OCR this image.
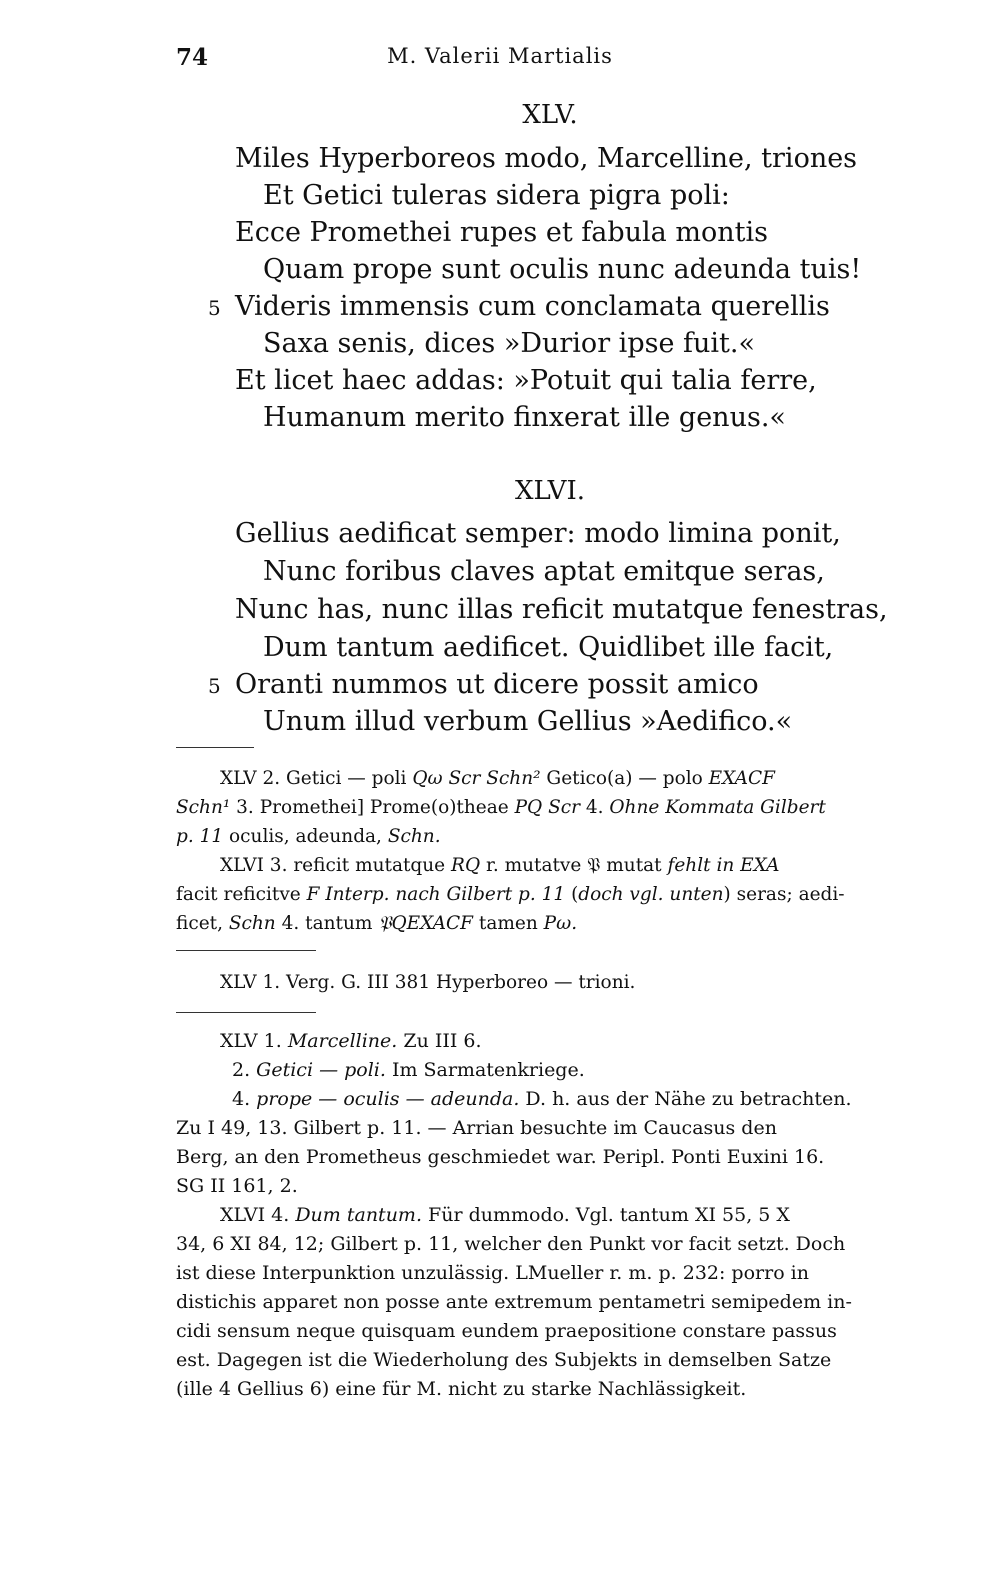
74	M. Valerii Martialis
XLV.
Miles Hyperboreos modo, Marcelline, triones
Et Getici tuleras sidera pigra poli:
Ecce Promethei rupes et fabula montis
Quam prope sunt oculis nunc adeunda tuis!
5 Videris immensis cum conclamata querellis
Saxa senis, dices »Durior ipse fuit.«
Et licet haec addas: »Potuit qui talia ferre,
Humanum merito finxerat ille genus.«
XLVI.
Gellius aedificat semper: modo limina ponit,
Nunc foribus claves aptat emitque seras,
Nunc has, nunc illas reficit mutatque fenestras,
Dum tantum aedificet. Quidlibet ille facit,
5 Oranti nummos ut dicere possit amico
Unum illud verbum Gellius »Aedifico.«
XLV 2. Getici — poli Qω Scr Schn² Getico(a) — polo EXACF
Schn¹ 3. Promethei] Prome(o)theae PQ Scr 4. Ohne Kommata Gilbert
p. 11 oculis, adeunda, Schn.
XLVI 3. reficit mutatque RQ r. mutatve 𝔓 mutat fehlt in EXA
facit reficitve F Interp. nach Gilbert p. 11 (doch vgl. unten) seras; aedi-
ficet, Schn 4. tantum 𝔓QEXACF tamen Pω.
XLV 1. Verg. G. III 381 Hyperboreo — trioni.
XLV 1. Marcelline. Zu III 6.
2. Getici — poli. Im Sarmatenkriege.
4. prope — oculis — adeunda. D. h. aus der Nähe zu betrachten.
Zu I 49, 13. Gilbert p. 11. — Arrian besuchte im Caucasus den
Berg, an den Prometheus geschmiedet war. Peripl. Ponti Euxini 16.
SG II 161, 2.
XLVI 4. Dum tantum. Für dummodo. Vgl. tantum XI 55, 5 X
34, 6 XI 84, 12; Gilbert p. 11, welcher den Punkt vor facit setzt. Doch
ist diese Interpunktion unzulässig. LMueller r. m. p. 232: porro in
distichis apparet non posse ante extremum pentametri semipedem in-
cidi sensum neque quisquam eundem praepositione constare passus
est. Dagegen ist die Wiederholung des Subjekts in demselben Satze
(ille 4 Gellius 6) eine für M. nicht zu starke Nachlässigkeit.
